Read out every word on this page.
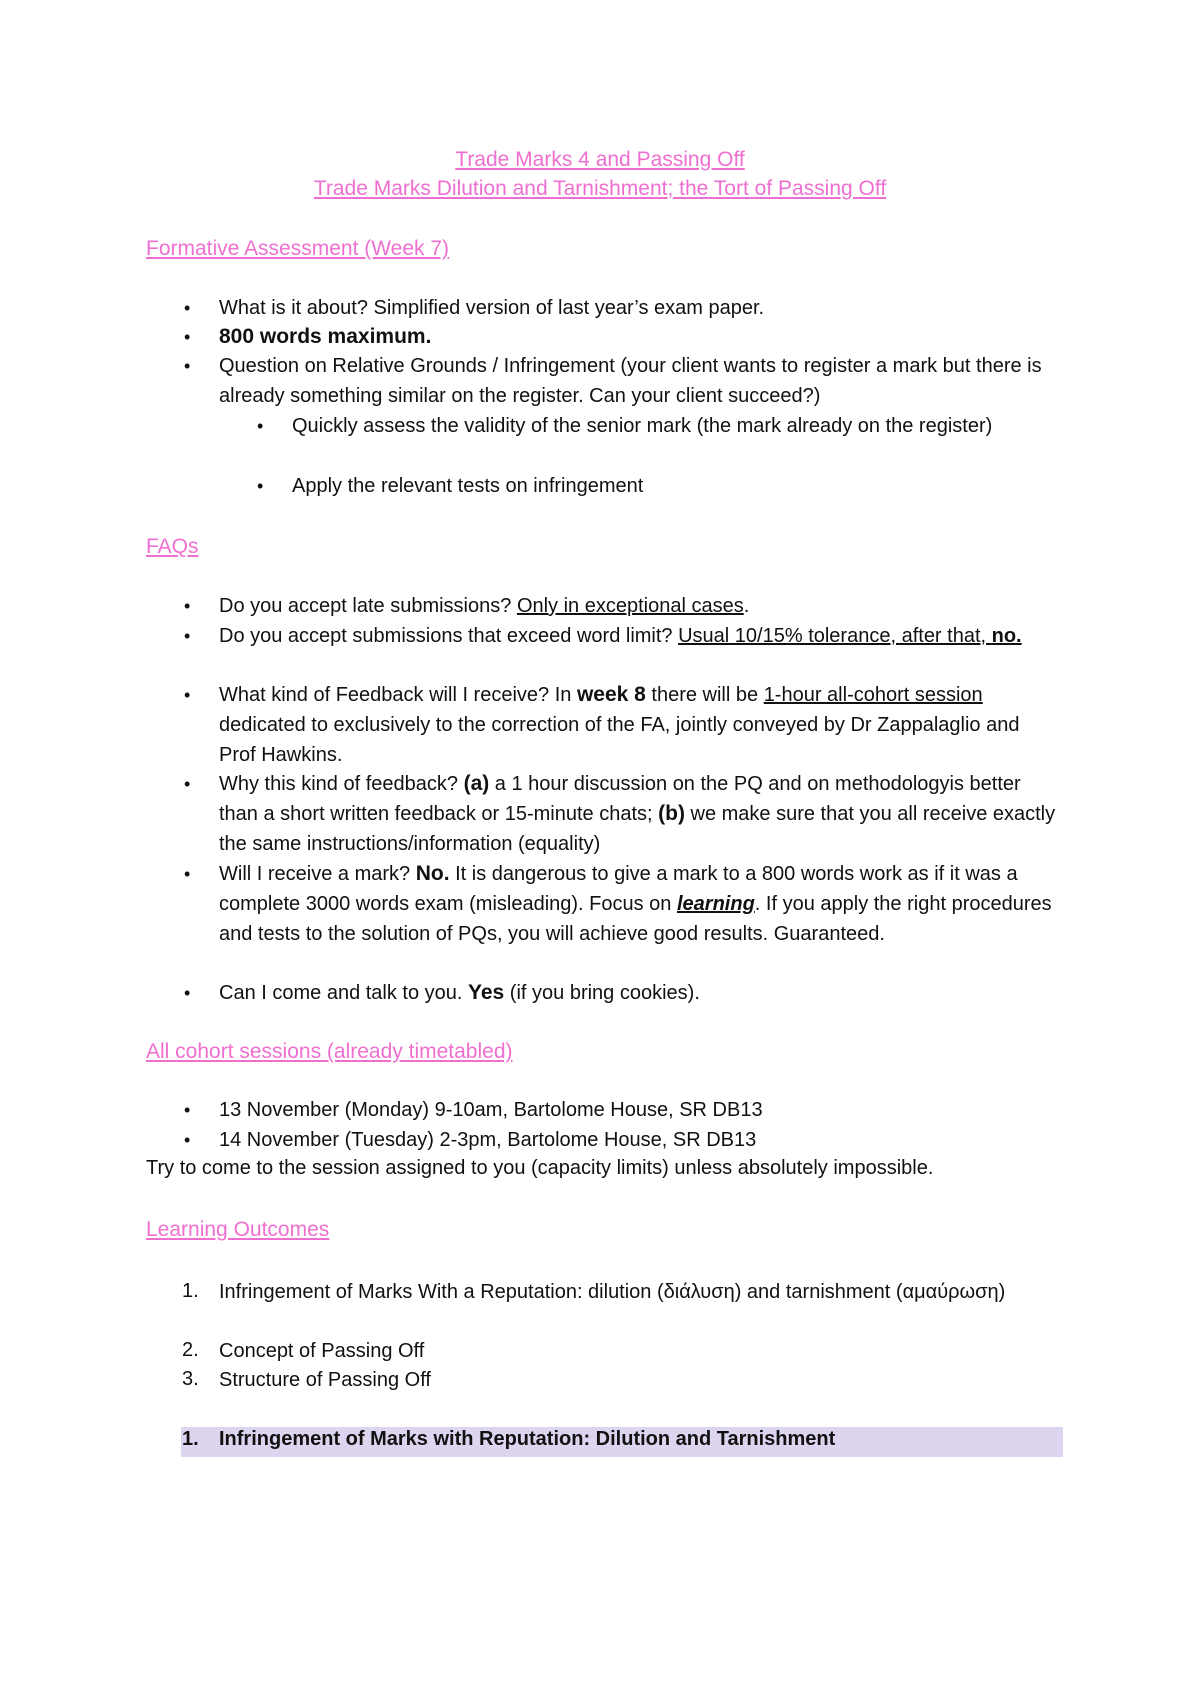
Trade Marks 4 and Passing Off
Trade Marks Dilution and Tarnishment; the Tort of Passing Off
Formative Assessment (Week 7)
• What is it about? Simplified version of last year’s exam paper.
• 800 words maximum.
• Question on Relative Grounds / Infringement (your client wants to register a mark but there is already something similar on the register. Can your client succeed?)
• Quickly assess the validity of the senior mark (the mark already on the register)
• Apply the relevant tests on infringement
FAQs
• Do you accept late submissions? Only in exceptional cases.
• Do you accept submissions that exceed word limit? Usual 10/15% tolerance, after that, no.
• What kind of Feedback will I receive? In week 8 there will be 1-hour all-cohort session dedicated to exclusively to the correction of the FA, jointly conveyed by Dr Zappalaglio and Prof Hawkins.
• Why this kind of feedback? (a) a 1 hour discussion on the PQ and on methodologyis better than a short written feedback or 15-minute chats; (b) we make sure that you all receive exactly the same instructions/information (equality)
• Will I receive a mark? No. It is dangerous to give a mark to a 800 words work as if it was a complete 3000 words exam (misleading). Focus on learning. If you apply the right procedures and tests to the solution of PQs, you will achieve good results. Guaranteed.
• Can I come and talk to you. Yes (if you bring cookies).
All cohort sessions (already timetabled)
• 13 November (Monday) 9-10am, Bartolome House, SR DB13
• 14 November (Tuesday) 2-3pm, Bartolome House, SR DB13
Try to come to the session assigned to you (capacity limits) unless absolutely impossible.
Learning Outcomes
1. Infringement of Marks With a Reputation: dilution (διάλυση) and tarnishment (αμαύρωση)
2. Concept of Passing Off
3. Structure of Passing Off
1. Infringement of Marks with Reputation: Dilution and Tarnishment
